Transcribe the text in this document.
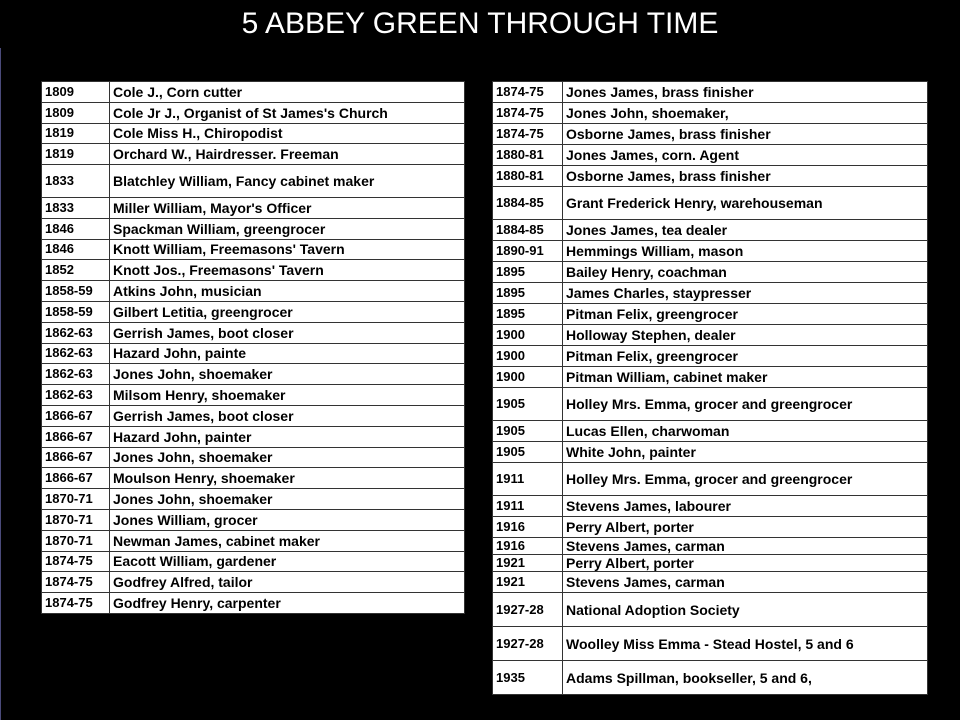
5 ABBEY GREEN THROUGH TIME
1809	Cole J., Corn cutter
1809	Cole Jr J., Organist of St James's Church
1819	Cole Miss H., Chiropodist
1819	Orchard W., Hairdresser. Freeman
1833	Blatchley William, Fancy cabinet maker
1833	Miller William, Mayor's Officer
1846	Spackman William, greengrocer
1846	Knott William, Freemasons' Tavern
1852	Knott Jos., Freemasons' Tavern
1858-59	Atkins John, musician
1858-59	Gilbert Letitia, greengrocer
1862-63	Gerrish James, boot closer
1862-63	Hazard John, painte
1862-63	Jones John, shoemaker
1862-63	Milsom Henry, shoemaker
1866-67	Gerrish James, boot closer
1866-67	Hazard John, painter
1866-67	Jones John, shoemaker
1866-67	Moulson Henry, shoemaker
1870-71	Jones John, shoemaker
1870-71	Jones William, grocer
1870-71	Newman James, cabinet maker
1874-75	Eacott William, gardener
1874-75	Godfrey Alfred, tailor
1874-75	Godfrey Henry, carpenter
1874-75	Jones James, brass finisher
1874-75	Jones John, shoemaker,
1874-75	Osborne James, brass finisher
1880-81	Jones James, corn. Agent
1880-81	Osborne James, brass finisher
1884-85	Grant Frederick Henry, warehouseman
1884-85	Jones James, tea dealer
1890-91	Hemmings William, mason
1895	Bailey Henry, coachman
1895	James Charles, staypresser
1895	Pitman Felix, greengrocer
1900	Holloway Stephen, dealer
1900	Pitman Felix, greengrocer
1900	Pitman William, cabinet maker
1905	Holley Mrs. Emma, grocer and greengrocer
1905	Lucas Ellen, charwoman
1905	White John, painter
1911	Holley Mrs. Emma, grocer and greengrocer
1911	Stevens James, labourer
1916	Perry Albert, porter
1916	Stevens James, carman
1921	Perry Albert, porter
1921	Stevens James, carman
1927-28	National Adoption Society
1927-28	Woolley Miss Emma - Stead Hostel, 5 and 6
1935	Adams Spillman, bookseller, 5 and 6,
